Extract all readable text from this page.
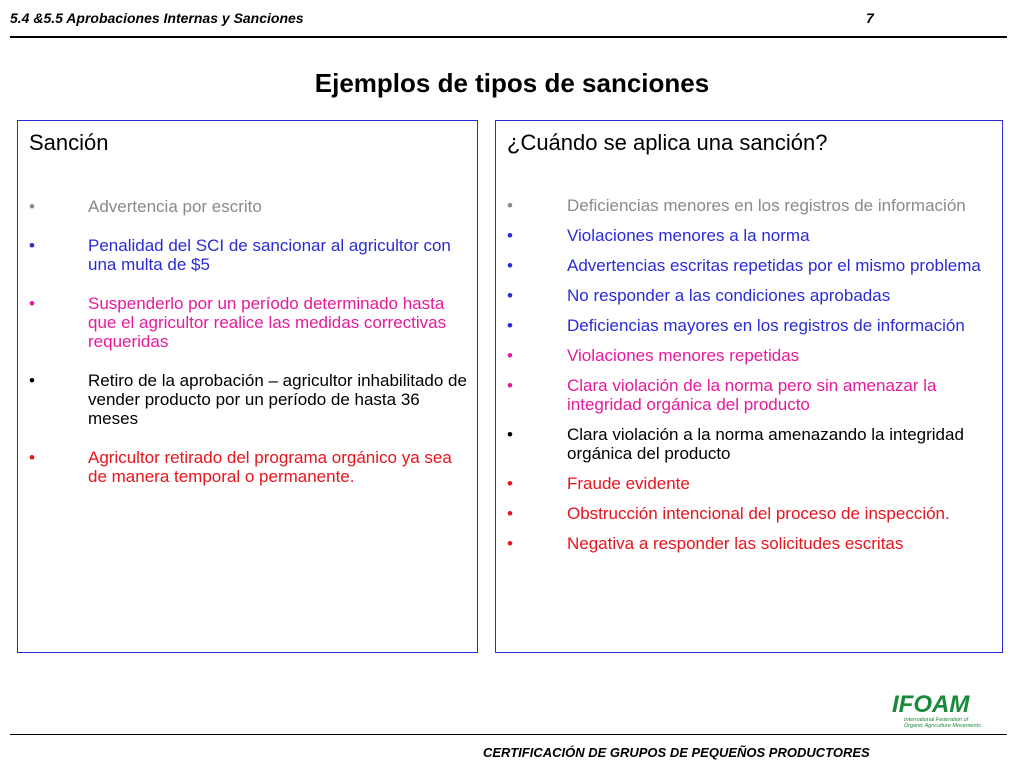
5.4 &5.5 Aprobaciones Internas y Sanciones	7
Ejemplos de tipos de sanciones
Sanción
•	Advertencia por escrito
•	Penalidad del SCI de sancionar al agricultor con una multa de $5
•	Suspenderlo por un período determinado hasta que el agricultor realice las medidas correctivas requeridas
•	Retiro de la aprobación – agricultor inhabilitado de vender producto por un período de hasta 36 meses
•	Agricultor retirado del programa orgánico ya sea de manera temporal o permanente.
¿Cuándo se aplica una sanción?
•	Deficiencias menores en los registros de información
•	Violaciones menores a la norma
•	Advertencias escritas repetidas por el mismo problema
•	No responder a las condiciones aprobadas
•	Deficiencias mayores en los registros de información
•	Violaciones menores repetidas
•	Clara violación de la norma pero sin amenazar la integridad orgánica del producto
•	Clara violación a la norma amenazando la integridad orgánica del producto
•	Fraude evidente
•	Obstrucción intencional del proceso de inspección.
•	Negativa a responder las solicitudes escritas
IFOAM
International Federation of
Organic Agriculture Movements
CERTIFICACIÓN DE GRUPOS DE PEQUEÑOS PRODUCTORES
